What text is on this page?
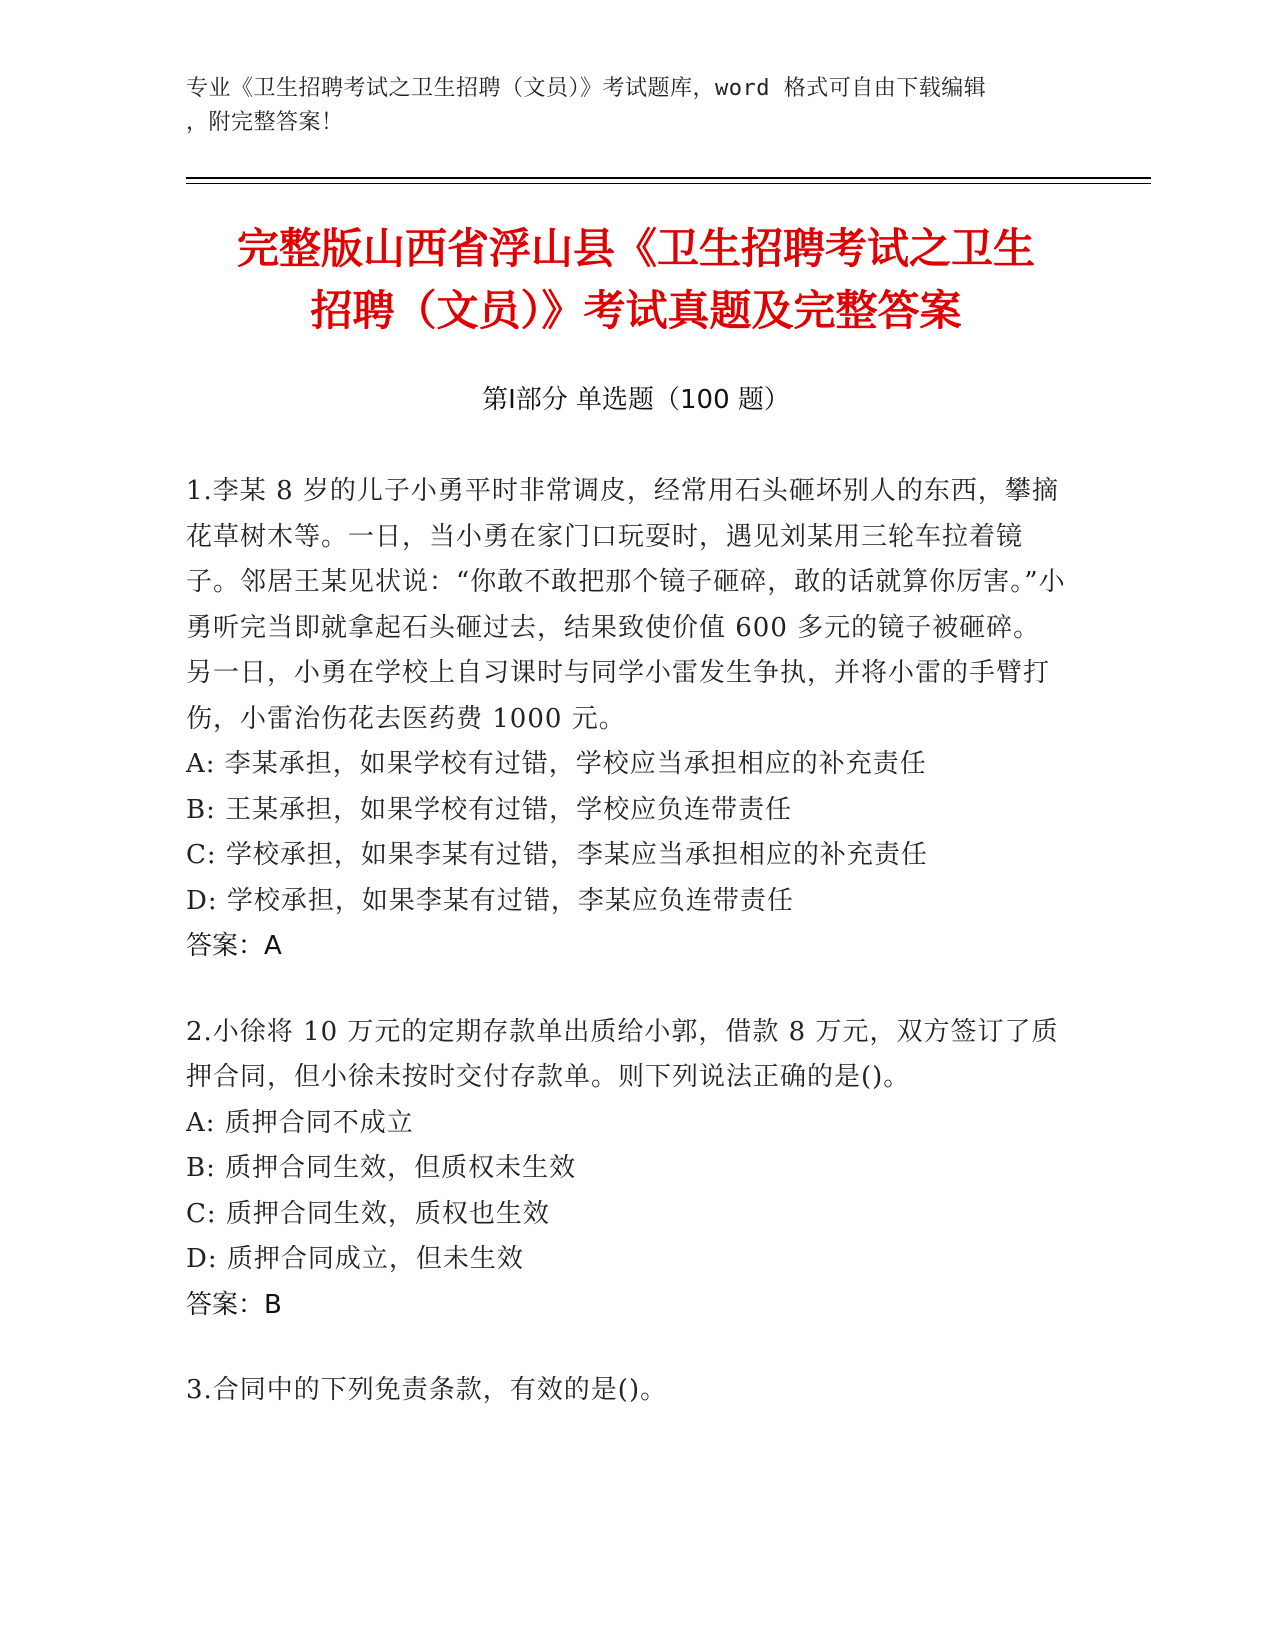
专业《卫生招聘考试之卫生招聘（文员）》考试题库，word 格式可自由下载编辑
，附完整答案！
完整版山西省浮山县《卫生招聘考试之卫生
招聘（文员）》考试真题及完整答案
第Ⅰ部分 单选题（100 题）

1.李某 8 岁的儿子小勇平时非常调皮，经常用石头砸坏别人的东西，攀摘花草树木等。一日，当小勇在家门口玩耍时，遇见刘某用三轮车拉着镜子。邻居王某见状说：“你敢不敢把那个镜子砸碎，敢的话就算你厉害。”小勇听完当即就拿起石头砸过去，结果致使价值 600 多元的镜子被砸碎。另一日，小勇在学校上自习课时与同学小雷发生争执，并将小雷的手臂打伤，小雷治伤花去医药费 1000 元。

A: 李某承担，如果学校有过错，学校应当承担相应的补充责任

B: 王某承担，如果学校有过错，学校应负连带责任

C: 学校承担，如果李某有过错，李某应当承担相应的补充责任

D: 学校承担，如果李某有过错，李某应负连带责任

答案：A

2.小徐将 10 万元的定期存款单出质给小郭，借款 8 万元，双方签订了质押合同，但小徐未按时交付存款单。则下列说法正确的是()。

A: 质押合同不成立

B: 质押合同生效，但质权未生效

C: 质押合同生效，质权也生效

D: 质押合同成立，但未生效

答案：B

3.合同中的下列免责条款，有效的是()。
